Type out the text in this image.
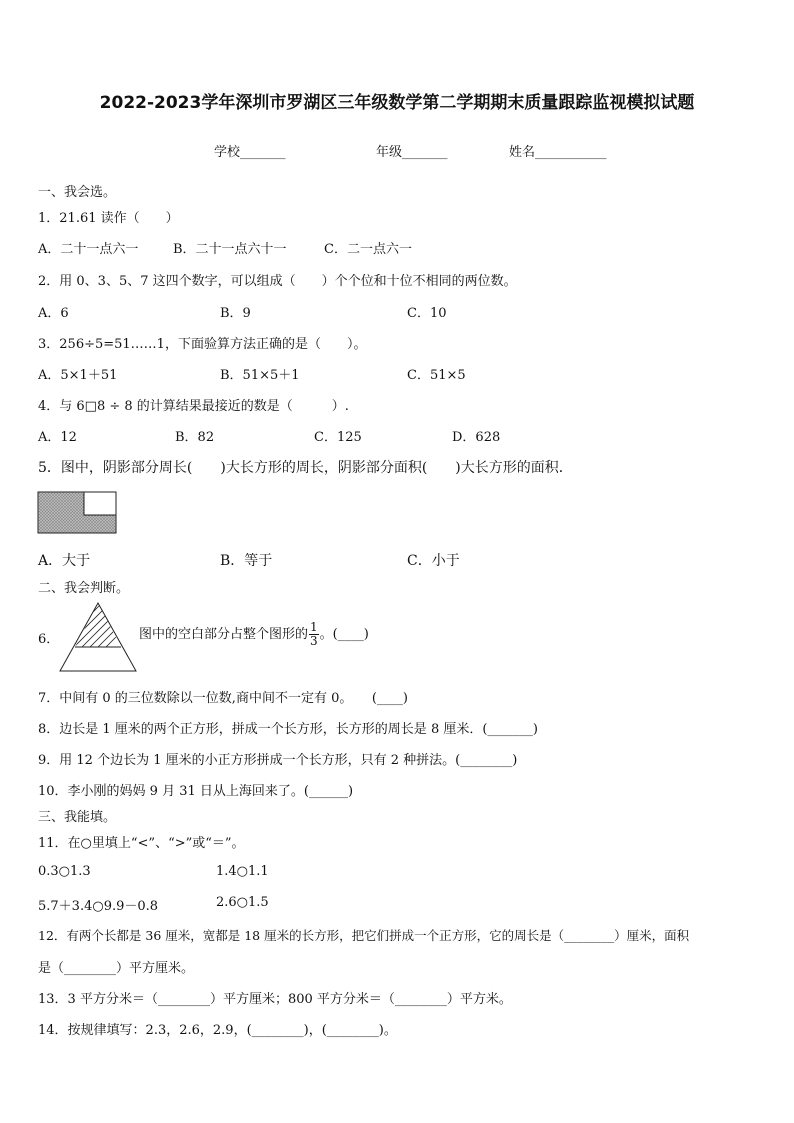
2022-2023学年深圳市罗湖区三年级数学第二学期期末质量跟踪监视模拟试题
学校_______	年级_______	姓名___________
一、我会选。
1．21.61 读作（　　）
A．二十一点六一	B．二十一点六十一	C．二一点六一
2．用 0、3、5、7 这四个数字，可以组成（　　）个个位和十位不相同的两位数。
A．6	B．9	C．10
3．256÷5=51……1，下面验算方法正确的是（　　）。
A．5×1＋51	B．51×5＋1	C．51×5
4．与 6□8 ÷ 8 的计算结果最接近的数是（　　　）.
A．12	B．82	C．125	D．628
5．图中，阴影部分周长(　　)大长方形的周长，阴影部分面积(　　)大长方形的面积．
A．大于	B．等于	C．小于
二、我会判断。
6．	图中的空白部分占整个图形的 $\frac{1}{3}$ 。(____)
7．中间有 0 的三位数除以一位数,商中间不一定有 0。　　(____)
8．边长是 1 厘米的两个正方形，拼成一个长方形，长方形的周长是 8 厘米．(_______)
9．用 12 个边长为 1 厘米的小正方形拼成一个长方形，只有 2 种拼法。(________)
10．李小刚的妈妈 9 月 31 日从上海回来了。(______)
三、我能填。
11．在○里填上“<”、“>”或“＝”。
0.3○1.3	1.4○1.1
5.7＋3.4○9.9－0.8	2.6○1.5
12．有两个长都是 36 厘米，宽都是 18 厘米的长方形，把它们拼成一个正方形，它的周长是（________）厘米，面积
是（________）平方厘米。
13．3 平方分米＝（________）平方厘米；800 平方分米＝（________）平方米。
14．按规律填写：2.3，2.6，2.9，(________)，(________)。
